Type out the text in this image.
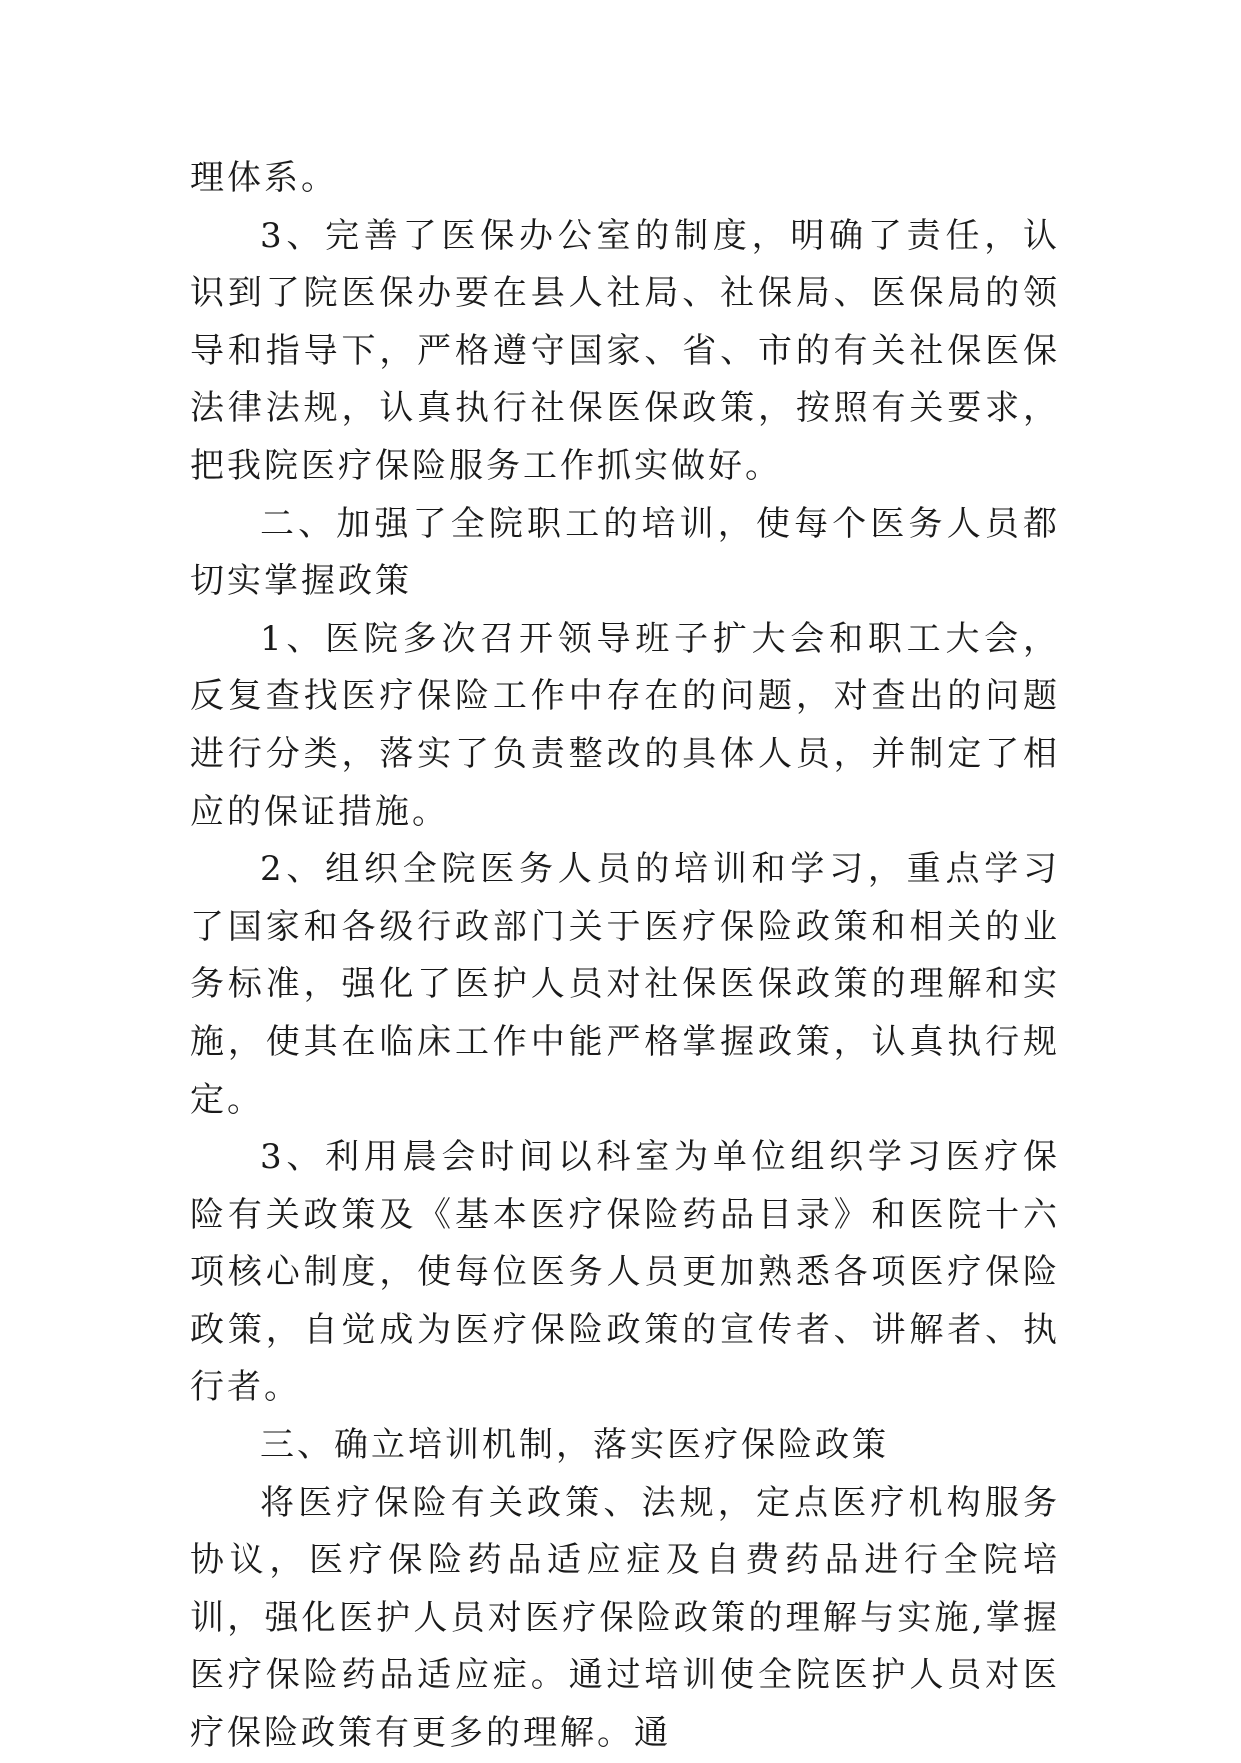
理体系。

3、完善了医保办公室的制度，明确了责任，认识到了院医保办要在县人社局、社保局、医保局的领导和指导下，严格遵守国家、省、市的有关社保医保法律法规，认真执行社保医保政策，按照有关要求，把我院医疗保险服务工作抓实做好。

二、加强了全院职工的培训，使每个医务人员都切实掌握政策

1、医院多次召开领导班子扩大会和职工大会，反复查找医疗保险工作中存在的问题，对查出的问题进行分类，落实了负责整改的具体人员，并制定了相应的保证措施。

2、组织全院医务人员的培训和学习，重点学习了国家和各级行政部门关于医疗保险政策和相关的业务标准，强化了医护人员对社保医保政策的理解和实施，使其在临床工作中能严格掌握政策，认真执行规定。

3、利用晨会时间以科室为单位组织学习医疗保险有关政策及《基本医疗保险药品目录》和医院十六项核心制度，使每位医务人员更加熟悉各项医疗保险政策，自觉成为医疗保险政策的宣传者、讲解者、执行者。

三、确立培训机制，落实医疗保险政策

将医疗保险有关政策、法规，定点医疗机构服务协议，医疗保险药品适应症及自费药品进行全院培训，强化医护人员对医疗保险政策的理解与实施,掌握医疗保险药品适应症。通过培训使全院医护人员对医疗保险政策有更多的理解。通
